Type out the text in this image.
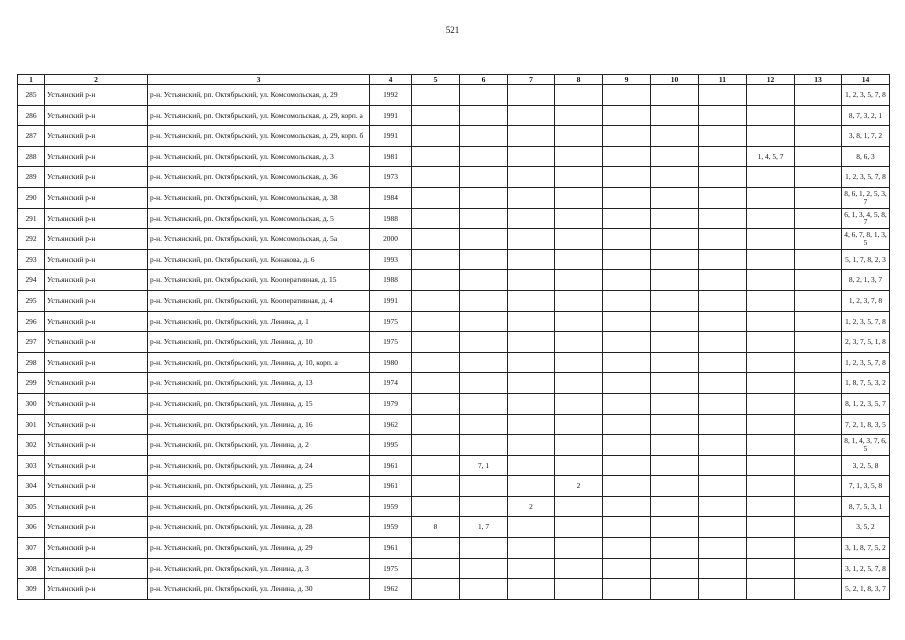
521
1	2	3	4	5	6	7	8	9	10	11	12	13	14
285	Устьянский р-н	р-н. Устьянский, рп. Октябрьский, ул. Комсомольская, д. 29	1992										1, 2, 3, 5, 7, 8
286	Устьянский р-н	р-н. Устьянский, рп. Октябрьский, ул. Комсомольская, д. 29, корп. а	1991										8, 7, 3, 2, 1
287	Устьянский р-н	р-н. Устьянский, рп. Октябрьский, ул. Комсомольская, д. 29, корп. б	1991										3, 8, 1, 7, 2
288	Устьянский р-н	р-н. Устьянский, рп. Октябрьский, ул. Комсомольская, д. 3	1981								1, 4, 5, 7		8, 6, 3
289	Устьянский р-н	р-н. Устьянский, рп. Октябрьский, ул. Комсомольская, д. 36	1973										1, 2, 3, 5, 7, 8
290	Устьянский р-н	р-н. Устьянский, рп. Октябрьский, ул. Комсомольская, д. 38	1984										8, 6, 1, 2, 5, 3, 7
291	Устьянский р-н	р-н. Устьянский, рп. Октябрьский, ул. Комсомольская, д. 5	1988										6, 1, 3, 4, 5, 8, 7
292	Устьянский р-н	р-н. Устьянский, рп. Октябрьский, ул. Комсомольская, д. 5а	2000										4, 6, 7, 8, 1, 3, 5
293	Устьянский р-н	р-н. Устьянский, рп. Октябрьский, ул. Конакова, д. 6	1993										5, 1, 7, 8, 2, 3
294	Устьянский р-н	р-н. Устьянский, рп. Октябрьский, ул. Кооперативная, д. 15	1988										8, 2, 1, 3, 7
295	Устьянский р-н	р-н. Устьянский, рп. Октябрьский, ул. Кооперативная, д. 4	1991										1, 2, 3, 7, 8
296	Устьянский р-н	р-н. Устьянский, рп. Октябрьский, ул. Ленина, д. 1	1975										1, 2, 3, 5, 7, 8
297	Устьянский р-н	р-н. Устьянский, рп. Октябрьский, ул. Ленина, д. 10	1975										2, 3, 7, 5, 1, 8
298	Устьянский р-н	р-н. Устьянский, рп. Октябрьский, ул. Ленина, д. 10, корп. а	1980										1, 2, 3, 5, 7, 8
299	Устьянский р-н	р-н. Устьянский, рп. Октябрьский, ул. Ленина, д. 13	1974										1, 8, 7, 5, 3, 2
300	Устьянский р-н	р-н. Устьянский, рп. Октябрьский, ул. Ленина, д. 15	1979										8, 1, 2, 3, 5, 7
301	Устьянский р-н	р-н. Устьянский, рп. Октябрьский, ул. Ленина, д. 16	1962										7, 2, 1, 8, 3, 5
302	Устьянский р-н	р-н. Устьянский, рп. Октябрьский, ул. Ленина, д. 2	1995										8, 1, 4, 3, 7, 6, 5
303	Устьянский р-н	р-н. Устьянский, рп. Октябрьский, ул. Ленина, д. 24	1961		7, 1								3, 2, 5, 8
304	Устьянский р-н	р-н. Устьянский, рп. Октябрьский, ул. Ленина, д. 25	1961				2						7, 1, 3, 5, 8
305	Устьянский р-н	р-н. Устьянский, рп. Октябрьский, ул. Ленина, д. 26	1959			2							8, 7, 5, 3, 1
306	Устьянский р-н	р-н. Устьянский, рп. Октябрьский, ул. Ленина, д. 28	1959	8	1, 7								3, 5, 2
307	Устьянский р-н	р-н. Устьянский, рп. Октябрьский, ул. Ленина, д. 29	1961										3, 1, 8, 7, 5, 2
308	Устьянский р-н	р-н. Устьянский, рп. Октябрьский, ул. Ленина, д. 3	1975										3, 1, 2, 5, 7, 8
309	Устьянский р-н	р-н. Устьянский, рп. Октябрьский, ул. Ленина, д. 30	1962										5, 2, 1, 8, 3, 7
